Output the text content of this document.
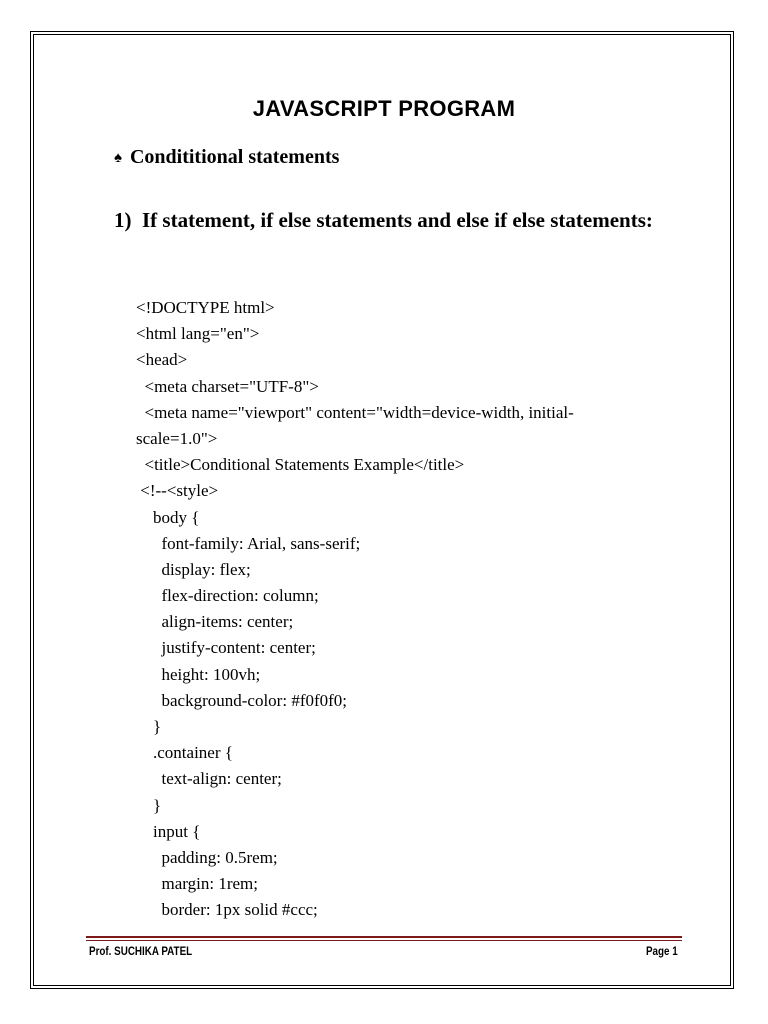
JAVASCRIPT PROGRAM
♠ Condititional statements
1) If statement, if else statements and else if else statements:
<!DOCTYPE html>
<html lang="en">
<head>
<meta charset="UTF-8">
<meta name="viewport" content="width=device-width, initial-
scale=1.0">
<title>Conditional Statements Example</title>
<!--<style>
body {
font-family: Arial, sans-serif;
display: flex;
flex-direction: column;
align-items: center;
justify-content: center;
height: 100vh;
background-color: #f0f0f0;
}
.container {
text-align: center;
}
input {
padding: 0.5rem;
margin: 1rem;
border: 1px solid #ccc;
Prof. SUCHIKA PATEL	Page 1
